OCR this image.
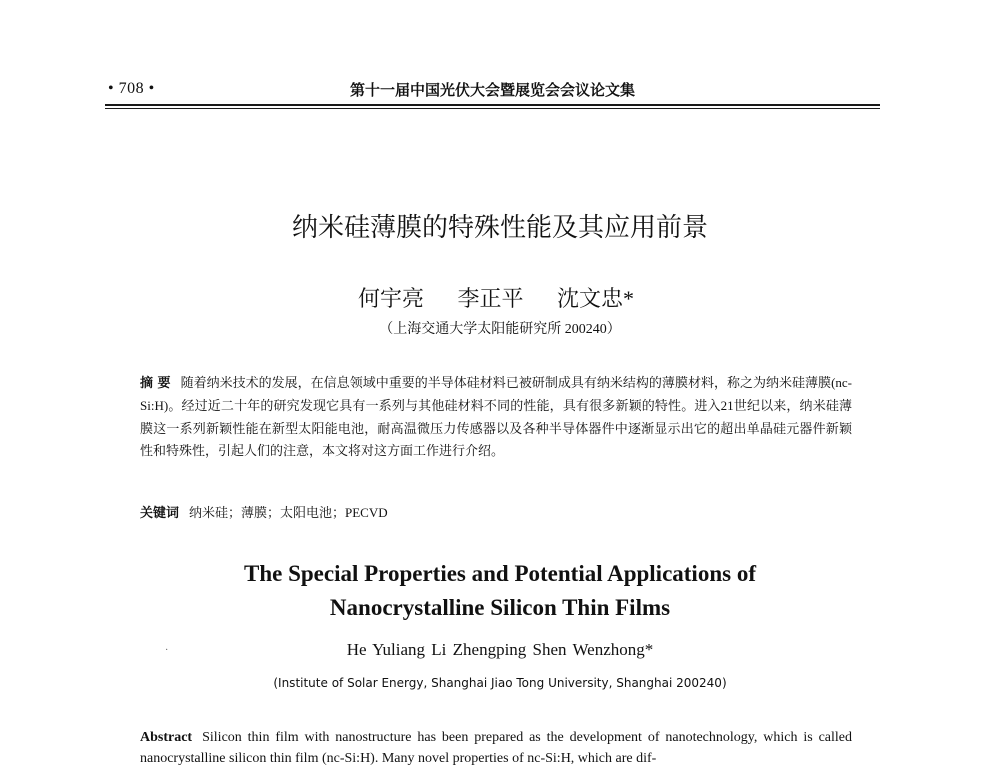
• 708 •	第十一届中国光伏大会暨展览会会议论文集
纳米硅薄膜的特殊性能及其应用前景
何宇亮 李正平 沈文忠*
（上海交通大学太阳能研究所 200240）
摘 要 随着纳米技术的发展，在信息领域中重要的半导体硅材料已被研制成具有纳米结构的薄膜材料，称之为纳米硅薄膜(nc-Si:H)。经过近二十年的研究发现它具有一系列与其他硅材料不同的性能，具有很多新颖的特性。进入21世纪以来，纳米硅薄膜这一系列新颖性能在新型太阳能电池，耐高温微压力传感器以及各种半导体器件中逐渐显示出它的超出单晶硅元器件新颖性和特殊性，引起人们的注意，本文将对这方面工作进行介绍。
关键词 纳米硅；薄膜；太阳电池；PECVD
The Special Properties and Potential Applications of
Nanocrystalline Silicon Thin Films
·	He Yuliang Li Zhengping Shen Wenzhong*
(Institute of Solar Energy, Shanghai Jiao Tong University, Shanghai 200240)
Abstract Silicon thin film with nanostructure has been prepared as the development of nanotechnology, which is called nanocrystalline silicon thin film (nc-Si:H). Many novel properties of nc-Si:H, which are dif-
